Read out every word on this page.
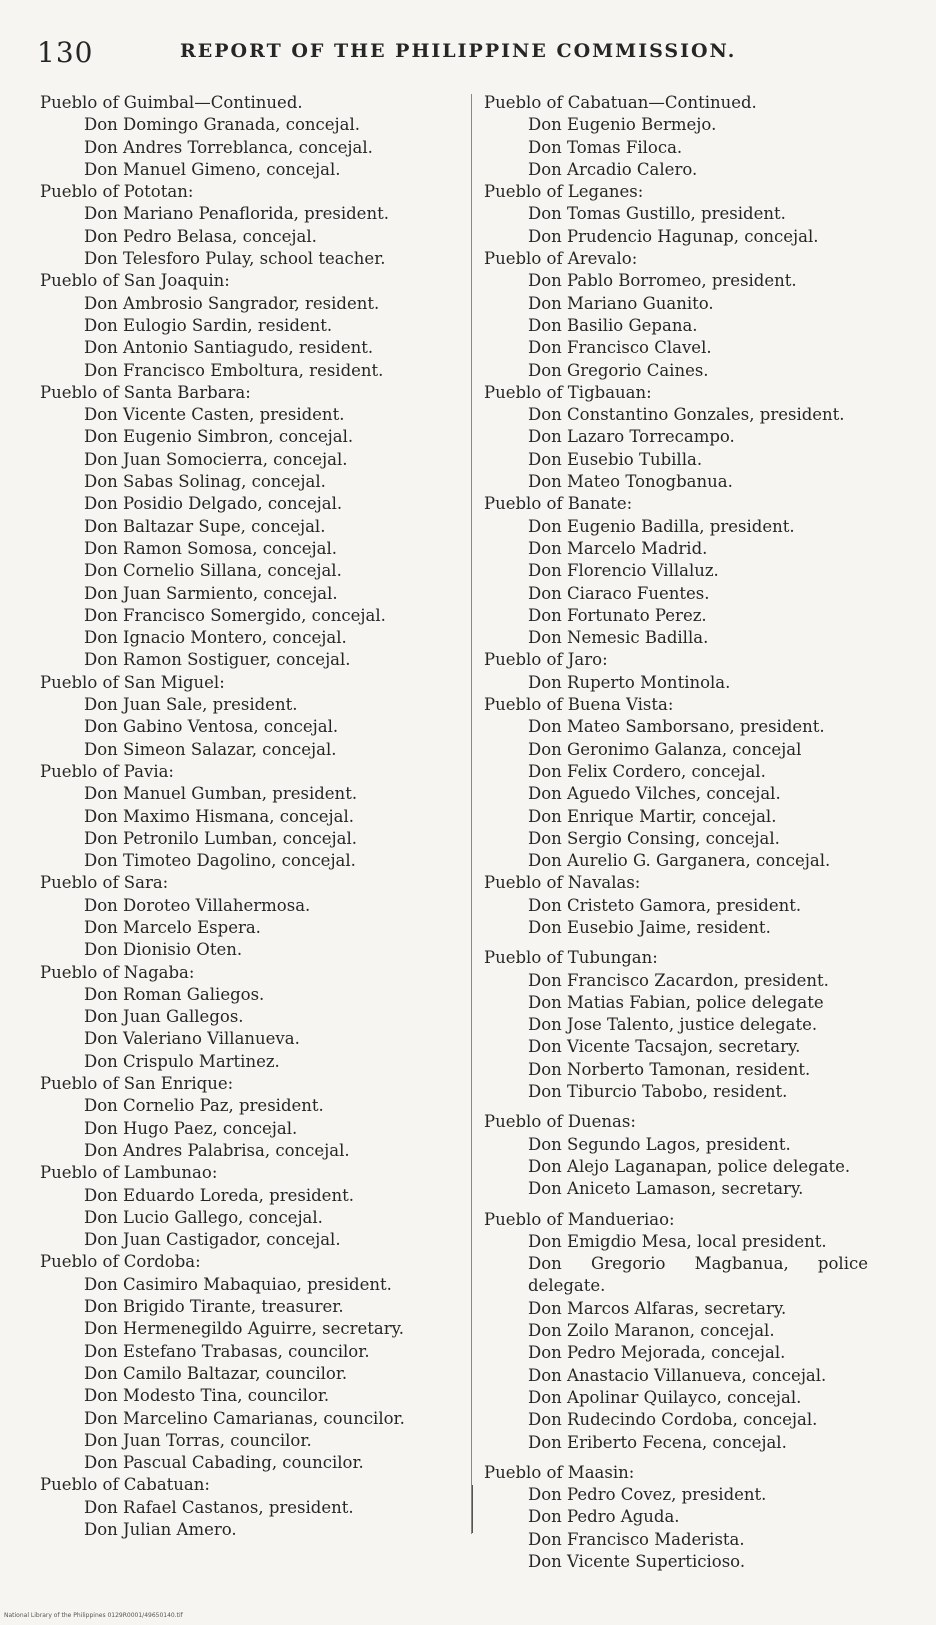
130	REPORT OF THE PHILIPPINE COMMISSION.
Pueblo of Guimbal—Continued.
Don Domingo Granada, concejal.
Don Andres Torreblanca, concejal.
Don Manuel Gimeno, concejal.
Pueblo of Pototan:
Don Mariano Penaflorida, president.
Don Pedro Belasa, concejal.
Don Telesforo Pulay, school teacher.
Pueblo of San Joaquin:
Don Ambrosio Sangrador, resident.
Don Eulogio Sardin, resident.
Don Antonio Santiagudo, resident.
Don Francisco Emboltura, resident.
Pueblo of Santa Barbara:
Don Vicente Casten, president.
Don Eugenio Simbron, concejal.
Don Juan Somocierra, concejal.
Don Sabas Solinag, concejal.
Don Posidio Delgado, concejal.
Don Baltazar Supe, concejal.
Don Ramon Somosa, concejal.
Don Cornelio Sillana, concejal.
Don Juan Sarmiento, concejal.
Don Francisco Somergido, concejal.
Don Ignacio Montero, concejal.
Don Ramon Sostiguer, concejal.
Pueblo of San Miguel:
Don Juan Sale, president.
Don Gabino Ventosa, concejal.
Don Simeon Salazar, concejal.
Pueblo of Pavia:
Don Manuel Gumban, president.
Don Maximo Hismana, concejal.
Don Petronilo Lumban, concejal.
Don Timoteo Dagolino, concejal.
Pueblo of Sara:
Don Doroteo Villahermosa.
Don Marcelo Espera.
Don Dionisio Oten.
Pueblo of Nagaba:
Don Roman Galiegos.
Don Juan Gallegos.
Don Valeriano Villanueva.
Don Crispulo Martinez.
Pueblo of San Enrique:
Don Cornelio Paz, president.
Don Hugo Paez, concejal.
Don Andres Palabrisa, concejal.
Pueblo of Lambunao:
Don Eduardo Loreda, president.
Don Lucio Gallego, concejal.
Don Juan Castigador, concejal.
Pueblo of Cordoba:
Don Casimiro Mabaquiao, president.
Don Brigido Tirante, treasurer.
Don Hermenegildo Aguirre, secretary.
Don Estefano Trabasas, councilor.
Don Camilo Baltazar, councilor.
Don Modesto Tina, councilor.
Don Marcelino Camarianas, councilor.
Don Juan Torras, councilor.
Don Pascual Cabading, councilor.
Pueblo of Cabatuan:
Don Rafael Castanos, president.
Don Julian Amero.
Pueblo of Cabatuan—Continued.
Don Eugenio Bermejo.
Don Tomas Filoca.
Don Arcadio Calero.
Pueblo of Leganes:
Don Tomas Gustillo, president.
Don Prudencio Hagunap, concejal.
Pueblo of Arevalo:
Don Pablo Borromeo, president.
Don Mariano Guanito.
Don Basilio Gepana.
Don Francisco Clavel.
Don Gregorio Caines.
Pueblo of Tigbauan:
Don Constantino Gonzales, president.
Don Lazaro Torrecampo.
Don Eusebio Tubilla.
Don Mateo Tonogbanua.
Pueblo of Banate:
Don Eugenio Badilla, president.
Don Marcelo Madrid.
Don Florencio Villaluz.
Don Ciaraco Fuentes.
Don Fortunato Perez.
Don Nemesic Badilla.
Pueblo of Jaro:
Don Ruperto Montinola.
Pueblo of Buena Vista:
Don Mateo Samborsano, president.
Don Geronimo Galanza, concejal
Don Felix Cordero, concejal.
Don Aguedo Vilches, concejal.
Don Enrique Martir, concejal.
Don Sergio Consing, concejal.
Don Aurelio G. Garganera, concejal.
Pueblo of Navalas:
Don Cristeto Gamora, president.
Don Eusebio Jaime, resident.
Pueblo of Tubungan:
Don Francisco Zacardon, president.
Don Matias Fabian, police delegate
Don Jose Talento, justice delegate.
Don Vicente Tacsajon, secretary.
Don Norberto Tamonan, resident.
Don Tiburcio Tabobo, resident.
Pueblo of Duenas:
Don Segundo Lagos, president.
Don Alejo Laganapan, police delegate.
Don Aniceto Lamason, secretary.
Pueblo of Mandueriao:
Don Emigdio Mesa, local president.
Don Gregorio Magbanua, police delegate.
Don Marcos Alfaras, secretary.
Don Zoilo Maranon, concejal.
Don Pedro Mejorada, concejal.
Don Anastacio Villanueva, concejal.
Don Apolinar Quilayco, concejal.
Don Rudecindo Cordoba, concejal.
Don Eriberto Fecena, concejal.
Pueblo of Maasin:
Don Pedro Covez, president.
Don Pedro Aguda.
Don Francisco Maderista.
Don Vicente Superticioso.
National Library of the Philippines 0129R0001/49650140.tif
